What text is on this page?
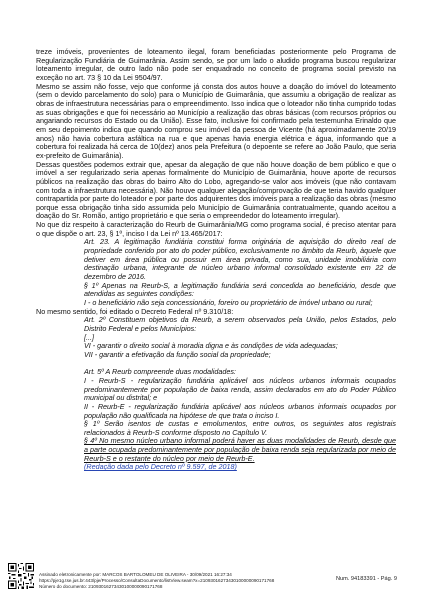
treze imóveis, provenientes de loteamento ilegal, foram beneficiadas posteriormente pelo Programa de Regularização Fundiária de Guimarânia. Assim sendo, se por um lado o aludido programa buscou regularizar loteamento irregular, de outro lado não pode ser enquadrado no conceito de programa social previsto na exceção no art. 73 § 10 da Lei 9504/97.

Mesmo se assim não fosse, vejo que conforme já consta dos autos houve a doação do imóvel do loteamento (sem o devido parcelamento do solo) para o Município de Guimarânia, que assumiu a obrigação de realizar as obras de infraestrutura necessárias para o empreendimento. Isso indica que o loteador não tinha cumprido todas as suas obrigações e que foi necessário ao Município a realização das obras básicas (com recursos próprios ou angariando recursos do Estado ou da União). Esse fato, inclusive foi confirmado pela testemunha Erinaldo que em seu depoimento indica que quando comprou seu imóvel da pessoa de Vicente (há aproximadamente 20/19 anos) não havia cobertura asfáltica na rua e que apenas havia energia elétrica e água, informando que a cobertura foi realizada há cerca de 10(dez) anos pela Prefeitura (o depoente se refere ao João Paulo, que seria ex-prefeito de Guimarânia).

Dessas questões podemos extrair que, apesar da alegação de que não houve doação de bem público e que o imóvel a ser regularizado seria apenas formalmente do Município de Guimarânia, houve aporte de recursos públicos na realização das obras do bairro Alto do Lobo, agregando-se valor aos imóveis (que não contavam com toda a infraestrutura necessária). Não houve qualquer alegação/comprovação de que teria havido qualquer contrapartida por parte do loteador e por parte dos adquirentes dos imóveis para a realização das obras (mesmo porque essa obrigação tinha sido assumida pelo Município de Guimarânia contratualmente, quando aceitou a doação do Sr. Romão, antigo proprietário e que seria o empreendedor do loteamento irregular).

No que diz respeito à caracterização do Reurb de Guimarânia/MG como programa social, é preciso atentar para o que dispõe o art. 23, § 1º, inciso I da Lei nº 13.465/2017:

Art. 23. A legitimação fundiária constitui forma originária de aquisição do direito real de propriedade conferido por ato do poder público, exclusivamente no âmbito da Reurb, àquele que detiver em área pública ou possuir em área privada, como sua, unidade imobiliária com destinação urbana, integrante de núcleo urbano informal consolidado existente em 22 de dezembro de 2016.

§ 1º Apenas na Reurb-S, a legitimação fundiária será concedida ao beneficiário, desde que atendidas as seguintes condições:

I - o beneficiário não seja concessionário, foreiro ou proprietário de imóvel urbano ou rural;

No mesmo sentido, foi editado o Decreto Federal nº 9.310/18:

Art. 2º Constituem objetivos da Reurb, a serem observados pela União, pelos Estados, pelo Distrito Federal e pelos Municípios:

[...]

VI - garantir o direito social à moradia digna e às condições de vida adequadas;

VII - garantir a efetivação da função social da propriedade;

Art. 5º A Reurb compreende duas modalidades:

I - Reurb-S - regularização fundiária aplicável aos núcleos urbanos informais ocupados predominantemente por população de baixa renda, assim declarados em ato do Poder Público municipal ou distrital; e

II - Reurb-E - regularização fundiária aplicável aos núcleos urbanos informais ocupados por população não qualificada na hipótese de que trata o inciso I.

§ 1º Serão isentos de custas e emolumentos, entre outros, os seguintes atos registrais relacionados à Reurb-S conforme disposto no Capítulo V.

§ 4º No mesmo núcleo urbano informal poderá haver as duas modalidades de Reurb, desde que a parte ocupada predominantemente por população de baixa renda seja regularizada por meio de Reurb-S e o restante do núcleo por meio de Reurb-E.
(Redação dada pelo Decreto nº 9.597, de 2018)

Assinado eletronicamente por: MARCOS BARTOLOMEU DE OLIVEIRA - 30/09/2021 16:27:34
https://pje1g.tse.jus.br:443/pje/Processo/ConsultaDocumento/listView.seam?x=21093016273430100000090171768
Número do documento: 21093016273430100000090171768
Num. 94183391 - Pág. 9
